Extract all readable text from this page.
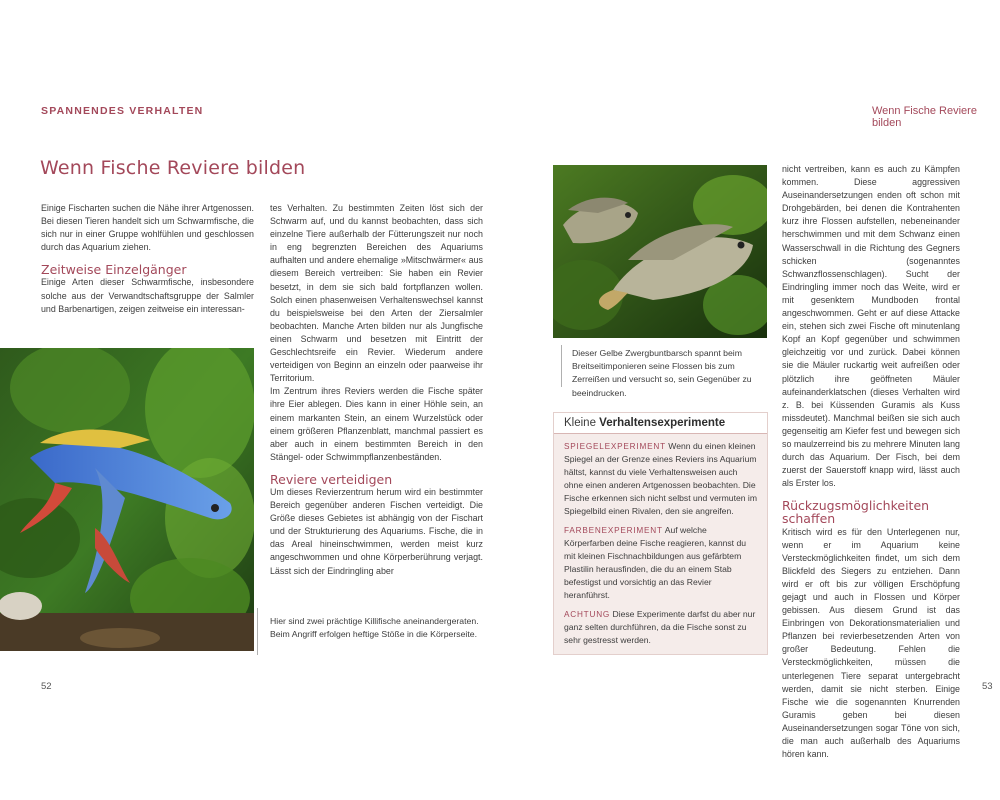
SPANNENDES VERHALTEN
Wenn Fische Reviere bilden

Einige Fischarten suchen die Nähe ihrer Artgenossen. Bei diesen Tieren handelt sich um Schwarmfische, die sich nur in einer Gruppe wohlfühlen und geschlossen durch das Aquarium ziehen.

Zeitweise Einzelgänger

Einige Arten dieser Schwarmfische, insbesondere solche aus der Verwandtschaftsgruppe der Salmler und Barbenartigen, zeigen zeitweise ein interessan-

Hier sind zwei prächtige Killifische aneinandergeraten. Beim Angriff erfolgen heftige Stöße in die Körperseite.

tes Verhalten. Zu bestimmten Zeiten löst sich der Schwarm auf, und du kannst beobachten, dass sich einzelne Tiere außerhalb der Fütterungszeit nur noch in eng begrenzten Bereichen des Aquariums aufhalten und andere ehemalige »Mitschwärmer« aus diesem Bereich vertreiben: Sie haben ein Revier besetzt, in dem sie sich bald fortpflanzen wollen. Solch einen phasenweisen Verhaltenswechsel kannst du beispielsweise bei den Arten der Ziersalmler beobachten. Manche Arten bilden nur als Jungfische einen Schwarm und besetzen mit Eintritt der Geschlechtsreife ein Revier. Wiederum andere verteidigen von Beginn an einzeln oder paarweise ihr Territorium.

Im Zentrum ihres Reviers werden die Fische später ihre Eier ablegen. Dies kann in einer Höhle sein, an einem markanten Stein, an einem Wurzelstück oder einem größeren Pflanzenblatt, manchmal passiert es aber auch in einem bestimmten Bereich in den Stängel- oder Schwimmpflanzenbeständen.

Reviere verteidigen

Um dieses Revierzentrum herum wird ein bestimmter Bereich gegenüber anderen Fischen verteidigt. Die Größe dieses Gebietes ist abhängig von der Fischart und der Strukturierung des Aquariums. Fische, die in das Areal hineinschwimmen, werden meist kurz angeschwommen und ohne Körperberührung verjagt. Lässt sich der Eindringling aber

52
Wenn Fische Reviere bilden
Dieser Gelbe Zwergbuntbarsch spannt beim Breitseitimponieren seine Flossen bis zum Zerreißen und versucht so, sein Gegenüber zu beeindrucken.
Kleine Verhaltensexperimente

SPIEGELEXPERIMENT Wenn du einen kleinen Spiegel an der Grenze eines Reviers ins Aquarium hältst, kannst du viele Verhaltensweisen auch ohne einen anderen Artgenossen beobachten. Die Fische erkennen sich nicht selbst und vermuten im Spiegelbild einen Rivalen, den sie angreifen.

FARBENEXPERIMENT Auf welche Körperfarben deine Fische reagieren, kannst du mit kleinen Fischnachbildungen aus gefärbtem Plastilin herausfinden, die du an einem Stab befestigst und vorsichtig an das Revier heranführst.

ACHTUNG Diese Experimente darfst du aber nur ganz selten durchführen, da die Fische sonst zu sehr gestresst werden.

nicht vertreiben, kann es auch zu Kämpfen kommen. Diese aggressiven Auseinandersetzungen enden oft schon mit Drohgebärden, bei denen die Kontrahenten kurz ihre Flossen aufstellen, nebeneinander herschwimmen und mit dem Schwanz einen Wasserschwall in die Richtung des Gegners schicken (sogenanntes Schwanzflossenschlagen). Sucht der Eindringling immer noch das Weite, wird er mit gesenktem Mundboden frontal angeschwommen. Geht er auf diese Attacke ein, stehen sich zwei Fische oft minutenlang Kopf an Kopf gegenüber und schwimmen gleichzeitig vor und zurück. Dabei können sie die Mäuler ruckartig weit aufreißen oder plötzlich ihre geöffneten Mäuler aufeinanderklatschen (dieses Verhalten wird z. B. bei Küssenden Guramis als Kuss missdeutet). Manchmal beißen sie sich auch gegenseitig am Kiefer fest und bewegen sich so maulzerreind bis zu mehrere Minuten lang durch das Aquarium. Der Fisch, bei dem zuerst der Sauerstoff knapp wird, lässt auch als Erster los.

Rückzugsmöglichkeiten schaffen

Kritisch wird es für den Unterlegenen nur, wenn er im Aquarium keine Versteckmöglichkeiten findet, um sich dem Blickfeld des Siegers zu entziehen. Dann wird er oft bis zur völligen Erschöpfung gejagt und auch in Flossen und Körper gebissen. Aus diesem Grund ist das Einbringen von Dekorationsmaterialien und Pflanzen bei revierbesetzenden Arten von großer Bedeutung. Fehlen die Versteckmöglichkeiten, müssen die unterlegenen Tiere separat untergebracht werden, damit sie nicht sterben. Einige Fische wie die sogenannten Knurrenden Guramis geben bei diesen Auseinandersetzungen sogar Töne von sich, die man auch außerhalb des Aquariums hören kann.

53
